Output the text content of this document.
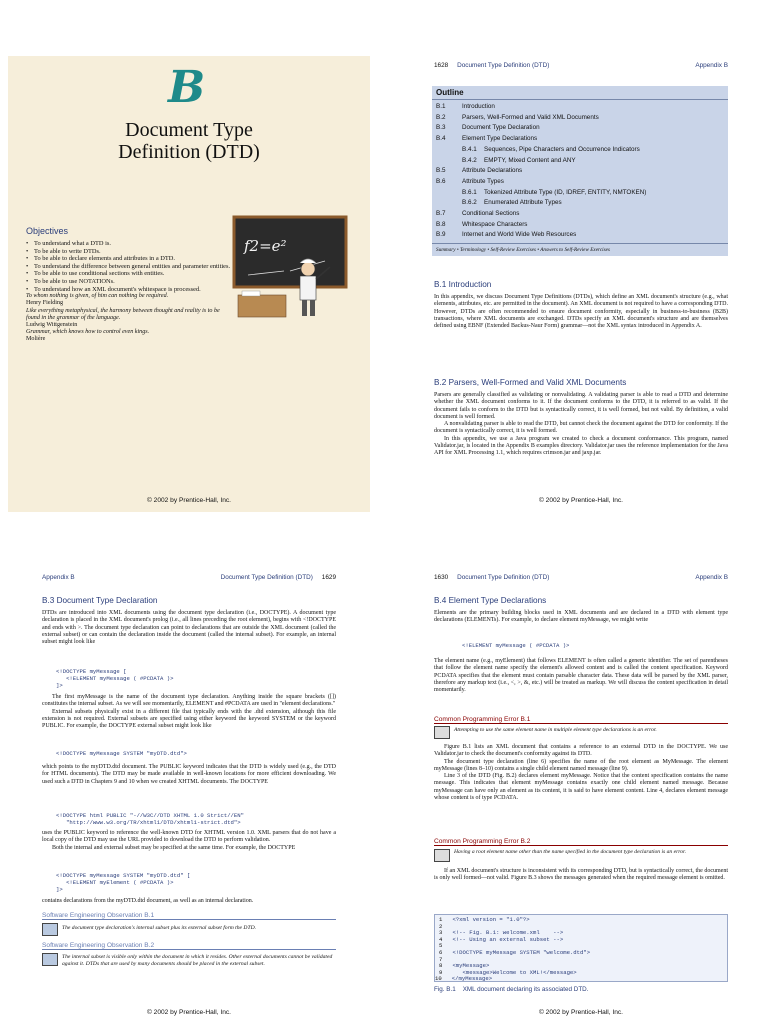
B
Document Type
Definition (DTD)
Objectives
• To understand what a DTD is.
• To be able to write DTDs.
• To be able to declare elements and attributes in a DTD.
• To understand the difference between general entities and parameter entities.
• To be able to use conditional sections with entities.
• To be able to use NOTATIONs.
• To understand how an XML document's whitespace is processed.
To whom nothing is given, of him can nothing be required.
Henry Fielding
Like everything metaphysical, the harmony between thought and reality is to be found in the grammar of the language.
Ludwig Wittgenstein
Grammar, which knows how to control even kings.
Molière
f2=e²
© 2002 by Prentice-Hall, Inc.
1628 Document Type Definition (DTD)	Appendix B
Outline
B.1	Introduction
B.2	Parsers, Well-Formed and Valid XML Documents
B.3	Document Type Declaration
B.4	Element Type Declarations
B.4.1	Sequences, Pipe Characters and Occurrence Indicators
B.4.2	EMPTY, Mixed Content and ANY
B.5	Attribute Declarations
B.6	Attribute Types
B.6.1	Tokenized Attribute Type (ID, IDREF, ENTITY, NMTOKEN)
B.6.2	Enumerated Attribute Types
B.7	Conditional Sections
B.8	Whitespace Characters
B.9	Internet and World Wide Web Resources
Summary • Terminology • Self-Review Exercises • Answers to Self-Review Exercises
B.1 Introduction

In this appendix, we discuss Document Type Definitions (DTDs), which define an XML document's structure (e.g., what elements, attributes, etc. are permitted in the document). An XML document is not required to have a corresponding DTD. However, DTDs are often recommended to ensure document conformity, especially in business-to-business (B2B) transactions, where XML documents are exchanged. DTDs specify an XML document's structure and are themselves defined using EBNF (Extended Backus-Naur Form) grammar—not the XML syntax introduced in Appendix A.

B.2 Parsers, Well-Formed and Valid XML Documents

Parsers are generally classified as validating or nonvalidating. A validating parser is able to read a DTD and determine whether the XML document conforms to it. If the document conforms to the DTD, it is referred to as valid. If the document fails to conform to the DTD but is syntactically correct, it is well formed, but not valid. By definition, a valid document is well formed.

A nonvalidating parser is able to read the DTD, but cannot check the document against the DTD for conformity. If the document is syntactically correct, it is well formed.

In this appendix, we use a Java program we created to check a document conformance. This program, named Validator.jar, is located in the Appendix B examples directory. Validator.jar uses the reference implementation for the Java API for XML Processing 1.1, which requires crimson.jar and jaxp.jar.

© 2002 by Prentice-Hall, Inc.
Appendix B	Document Type Definition (DTD) 1629
B.3 Document Type Declaration

DTDs are introduced into XML documents using the document type declaration (i.e., DOCTYPE). A document type declaration is placed in the XML document's prolog (i.e., all lines preceding the root element), begins with <!DOCTYPE and ends with >. The document type declaration can point to declarations that are outside the XML document (called the external subset) or can contain the declaration inside the document (called the internal subset). For example, an internal subset might look like

<!DOCTYPE myMessage [
<!ELEMENT myMessage ( #PCDATA )>
]>

The first myMessage is the name of the document type declaration. Anything inside the square brackets ([]) constitutes the internal subset. As we will see momentarily, ELEMENT and #PCDATA are used in "element declarations."

External subsets physically exist in a different file that typically ends with the .dtd extension, although this file extension is not required. External subsets are specified using either keyword the keyword SYSTEM or the keyword PUBLIC. For example, the DOCTYPE external subset might look like

<!DOCTYPE myMessage SYSTEM "myDTD.dtd">

which points to the myDTD.dtd document. The PUBLIC keyword indicates that the DTD is widely used (e.g., the DTD for HTML documents). The DTD may be made available in well-known locations for more efficient downloading. We used such a DTD in Chapters 9 and 10 when we created XHTML documents. The DOCTYPE

<!DOCTYPE html PUBLIC "-//W3C//DTD XHTML 1.0 Strict//EN"
"http://www.w3.org/TR/xhtml1/DTD/xhtml1-strict.dtd">

uses the PUBLIC keyword to reference the well-known DTD for XHTML version 1.0. XML parsers that do not have a local copy of the DTD may use the URL provided to download the DTD to perform validation.

Both the internal and external subset may be specified at the same time. For example, the DOCTYPE

<!DOCTYPE myMessage SYSTEM "myDTD.dtd" [
<!ELEMENT myElement ( #PCDATA )>
]>

contains declarations from the myDTD.dtd document, as well as an internal declaration.

Software Engineering Observation B.1
The document type declaration's internal subset plus its external subset form the DTD.
Software Engineering Observation B.2
The internal subset is visible only within the document in which it resides. Other external documents cannot be validated against it. DTDs that are used by many documents should be placed in the external subset.
© 2002 by Prentice-Hall, Inc.
1630 Document Type Definition (DTD)	Appendix B
B.4 Element Type Declarations

Elements are the primary building blocks used in XML documents and are declared in a DTD with element type declarations (ELEMENTs). For example, to declare element myMessage, we might write

<!ELEMENT myMessage ( #PCDATA )>

The element name (e.g., myElement) that follows ELEMENT is often called a generic identifier. The set of parentheses that follow the element name specify the element's allowed content and is called the content specification. Keyword PCDATA specifies that the element must contain parsable character data. These data will be parsed by the XML parser, therefore any markup text (i.e., <, >, &, etc.) will be treated as markup. We will discuss the content specification in detail momentarily.

Common Programming Error B.1
Attempting to use the same element name in multiple element type declarations is an error.

Figure B.1 lists an XML document that contains a reference to an external DTD in the DOCTYPE. We use Validator.jar to check the document's conformity against its DTD.

The document type declaration (line 6) specifies the name of the root element as MyMessage. The element myMessage (lines 8–10) contains a single child element named message (line 9).

Line 3 of the DTD (Fig. B.2) declares element myMessage. Notice that the content specification contains the name message. This indicates that element myMessage contains exactly one child element named message. Because myMessage can have only an element as its content, it is said to have element content. Line 4, declares element message whose content is of type PCDATA.

Common Programming Error B.2
Having a root element name other than the name specified in the document type declaration is an error.

If an XML document's structure is inconsistent with its corresponding DTD, but is syntactically correct, the document is only well formed—not valid. Figure B.3 shows the messages generated when the required message element is omitted.

1 <?xml version = "1.0"?>
2
3 <!-- Fig. B.1: welcome.xml    -->
4 <!-- Using an external subset -->
5
6 <!DOCTYPE myMessage SYSTEM "welcome.dtd">
7
8 <myMessage>
9      <message>Welcome to XML!</message>
10 </myMessage>
Fig. B.1 XML document declaring its associated DTD.
© 2002 by Prentice-Hall, Inc.
